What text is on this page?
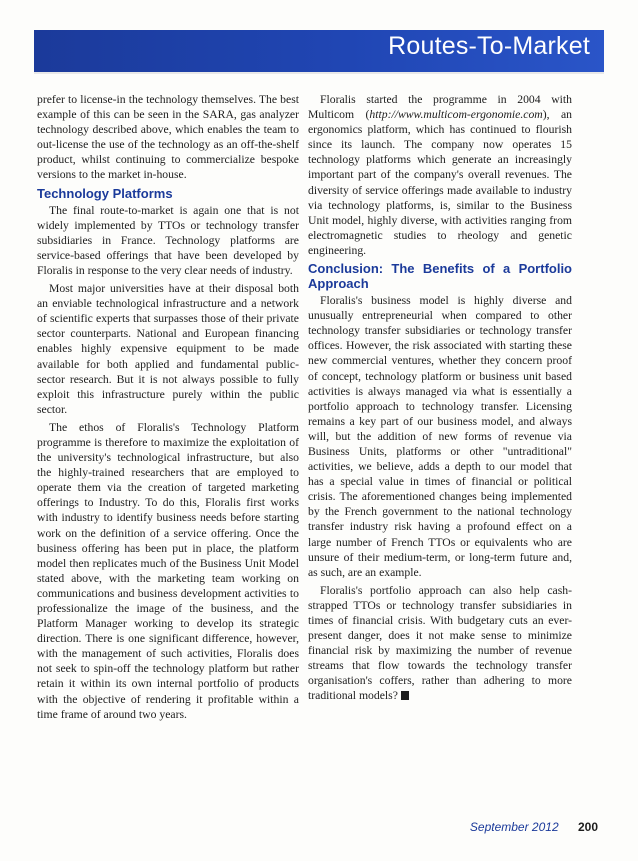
Routes-To-Market

prefer to license-in the technology themselves. The best example of this can be seen in the SARA, gas analyzer technology described above, which enables the team to out-license the use of the technology as an off-the-shelf product, whilst continuing to commercialize bespoke versions to the market in-house.

Technology Platforms

The final route-to-market is again one that is not widely implemented by TTOs or technology transfer subsidiaries in France. Technology platforms are service-based offerings that have been developed by Floralis in response to the very clear needs of industry.

Most major universities have at their disposal both an enviable technological infrastructure and a network of scientific experts that surpasses those of their private sector counterparts. National and European financing enables highly expensive equipment to be made available for both applied and fundamental public-sector research. But it is not always possible to fully exploit this infrastructure purely within the public sector.

The ethos of Floralis's Technology Platform programme is therefore to maximize the exploitation of the university's technological infrastructure, but also the highly-trained researchers that are employed to operate them via the creation of targeted marketing offerings to Industry. To do this, Floralis first works with industry to identify business needs before starting work on the definition of a service offering. Once the business offering has been put in place, the platform model then replicates much of the Business Unit Model stated above, with the marketing team working on communications and business development activities to professionalize the image of the business, and the Platform Manager working to develop its strategic direction. There is one significant difference, however, with the management of such activities, Floralis does not seek to spin-off the technology platform but rather retain it within its own internal portfolio of products with the objective of rendering it profitable within a time frame of around two years.

Floralis started the programme in 2004 with Multicom (http://www.multicom-ergonomie.com), an ergonomics platform, which has continued to flourish since its launch. The company now operates 15 technology platforms which generate an increasingly important part of the company's overall revenues. The diversity of service offerings made available to industry via technology platforms, is, similar to the Business Unit model, highly diverse, with activities ranging from electromagnetic studies to rheology and genetic engineering.

Conclusion: The Benefits of a Portfolio Approach

Floralis's business model is highly diverse and unusually entrepreneurial when compared to other technology transfer subsidiaries or technology transfer offices. However, the risk associated with starting these new commercial ventures, whether they concern proof of concept, technology platform or business unit based activities is always managed via what is essentially a portfolio approach to technology transfer. Licensing remains a key part of our business model, and always will, but the addition of new forms of revenue via Business Units, platforms or other "untraditional" activities, we believe, adds a depth to our model that has a special value in times of financial or political crisis. The aforementioned changes being implemented by the French government to the national technology transfer industry risk having a profound effect on a large number of French TTOs or equivalents who are unsure of their medium-term, or long-term future and, as such, are an example.

Floralis's portfolio approach can also help cash-strapped TTOs or technology transfer subsidiaries in times of financial crisis. With budgetary cuts an ever-present danger, does it not make sense to minimize financial risk by maximizing the number of revenue streams that flow towards the technology transfer organisation's coffers, rather than adhering to more traditional models?

September 2012 200
